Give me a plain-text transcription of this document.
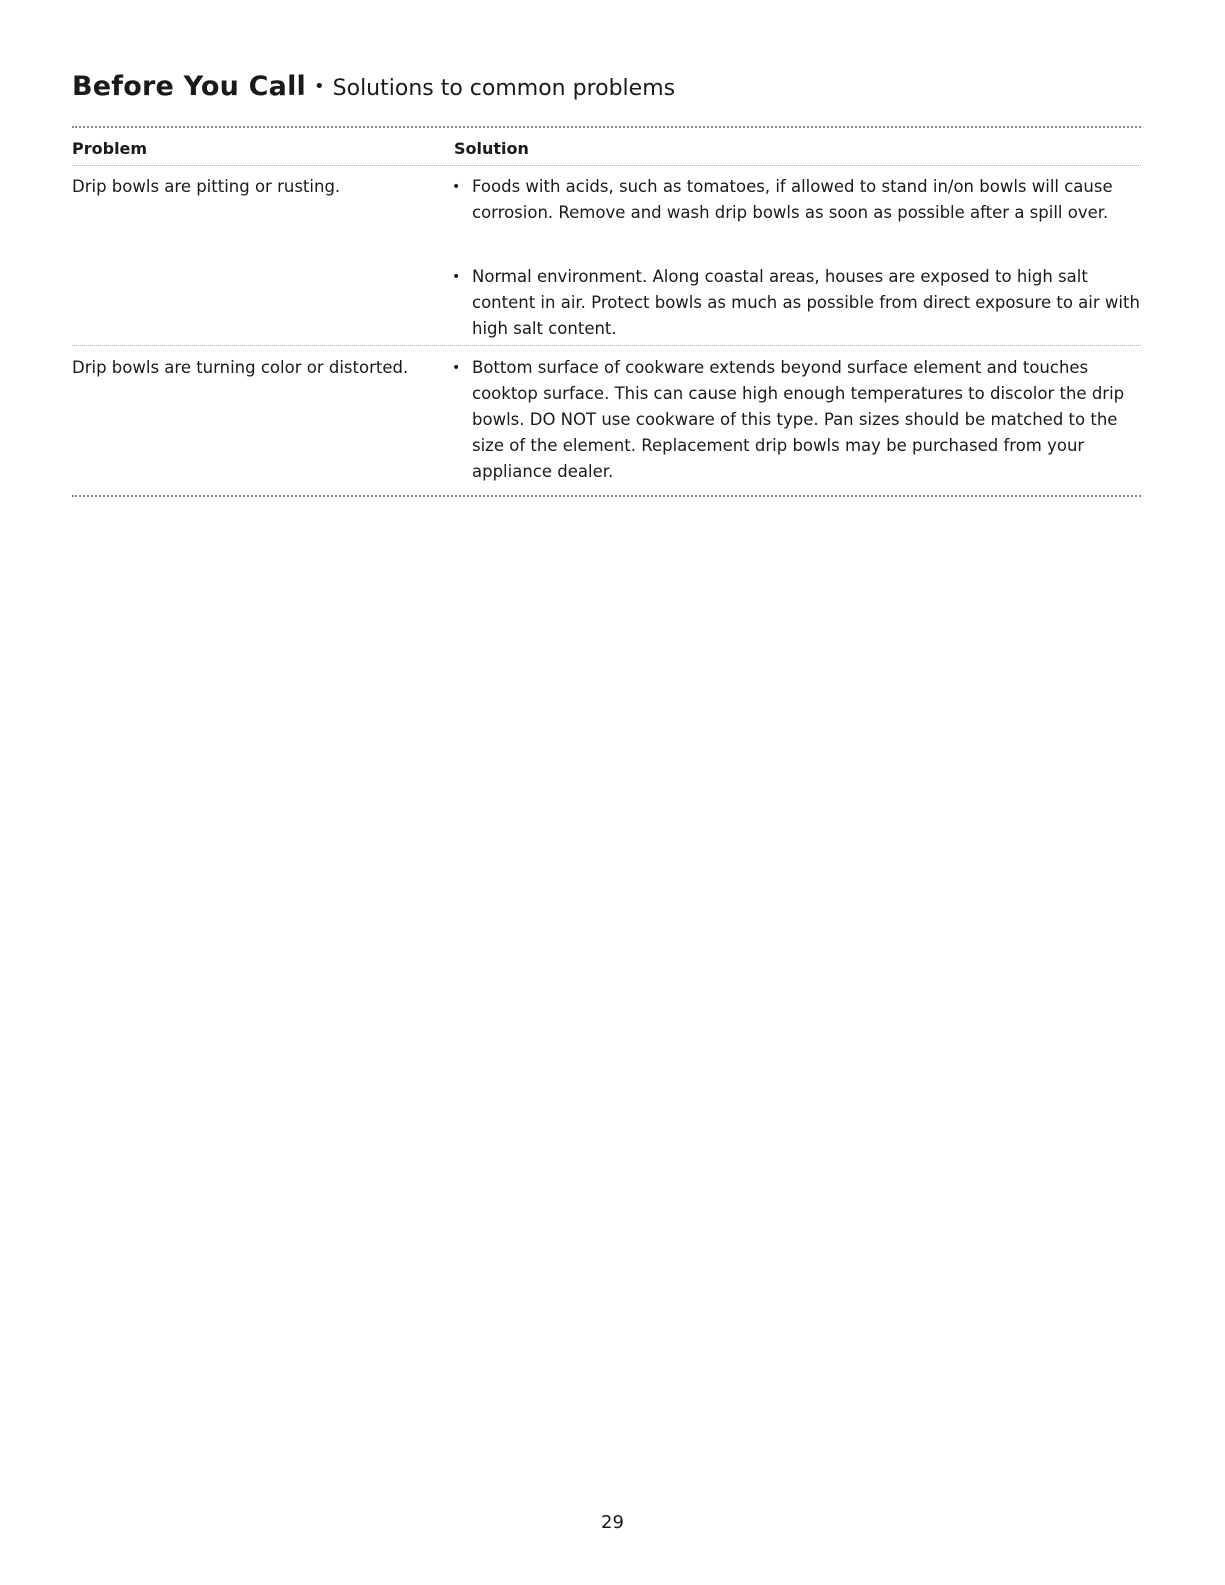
Before You Call • Solutions to common problems
Problem	Solution
Drip bowls are pitting or rusting.	• Foods with acids, such as tomatoes, if allowed to stand in/on bowls will cause corrosion. Remove and wash drip bowls as soon as possible after a spill over.
• Normal environment. Along coastal areas, houses are exposed to high salt content in air. Protect bowls as much as possible from direct exposure to air with high salt content.
Drip bowls are turning color or distorted.	• Bottom surface of cookware extends beyond surface element and touches cooktop surface. This can cause high enough temperatures to discolor the drip bowls. DO NOT use cookware of this type. Pan sizes should be matched to the size of the element. Replacement drip bowls may be purchased from your appliance dealer.
29
